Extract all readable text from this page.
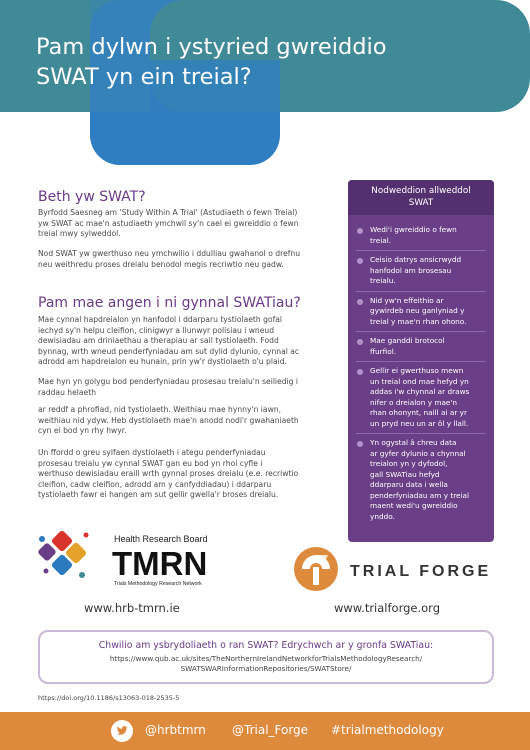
Pam dylwn i ystyried gwreiddio
SWAT yn ein treial?
Beth yw SWAT?

Byrfodd Saesneg am 'Study Within A Trial' (Astudiaeth o fewn Treial)
yw SWAT ac mae'n astudiaeth ymchwil sy'n cael ei gwreiddio o fewn
treial mwy sylweddol.

Nod SWAT yw gwerthuso neu ymchwilio i ddulliau gwahanol o drefnu
neu weithredu proses dreialu benodol megis recriwtio neu gadw.

Pam mae angen i ni gynnal SWATiau?

Mae cynnal hapdreialon yn hanfodol i ddarparu tystiolaeth gofal
iechyd sy'n helpu cleifion, clinigwyr a llunwyr polisiau i wneud
dewisiadau am driniaethau a therapiau ar sail tystiolaeth. Fodd
bynnag, wrth wneud penderfyniadau am sut dylid dylunio, cynnal ac
adrodd am hapdreialon eu hunain, prin yw'r dystiolaeth o'u plaid.

Mae hyn yn golygu bod penderfyniadau prosesau treialu'n seiliedig i
raddau helaeth

ar reddf a phrofiad, nid tystiolaeth. Weithiau mae hynny'n iawn,
weithiau nid ydyw. Heb dystiolaeth mae'n anodd nodi'r gwahaniaeth
cyn ei bod yn rhy hwyr.

Un ffordd o greu sylfaen dystiolaeth i ategu penderfyniadau
prosesau treialu yw cynnal SWAT gan eu bod yn rhoi cyfle i
werthuso dewisiadau eraill wrth gynnal proses dreialu (e.e. recriwtio
cleifion, cadw cleifion, adrodd am y canfyddiadau) i ddarparu
tystiolaeth fawr ei hangen am sut gellir gwella'r broses dreialu.

Nodweddion allweddol
SWAT
Wedi'i gwreiddio o fewn
treial.
Ceisio datrys ansicrwydd
hanfodol am brosesau
treialu.
Nid yw'n effeithio ar
gywirdeb neu ganlyniad y
treial y mae'n rhan ohono.
Mae ganddi brotocol
ffurfiol.
Gellir ei gwerthuso mewn
un treial ond mae hefyd yn
addas i'w chynnal ar draws
nifer o dreialon y mae'n
rhan ohonynt, naill ai ar yr
un pryd neu un ar ôl y llall.
Yn ogystal â chreu data
ar gyfer dylunio a chynnal
treialon yn y dyfodol,
gall SWATiau hefyd
ddarparu data i wella
penderfyniadau am y treial
maent wedi'u gwreiddio
ynddo.
Health Research Board
TMRN
Trials Methodology Research Network
TRIAL FORGE
www.hrb-tmrn.ie	www.trialforge.org

Chwilio am ysbrydoliaeth o ran SWAT? Edrychwch ar y gronfa SWATiau:

https://www.qub.ac.uk/sites/TheNorthernIrelandNetworkforTrialsMethodologyResearch/
SWATSWARInformationRepositories/SWATStore/

https://doi.org/10.1186/s13063-018-2535-5
@hrbtmrn @Trial_Forge #trialmethodology
